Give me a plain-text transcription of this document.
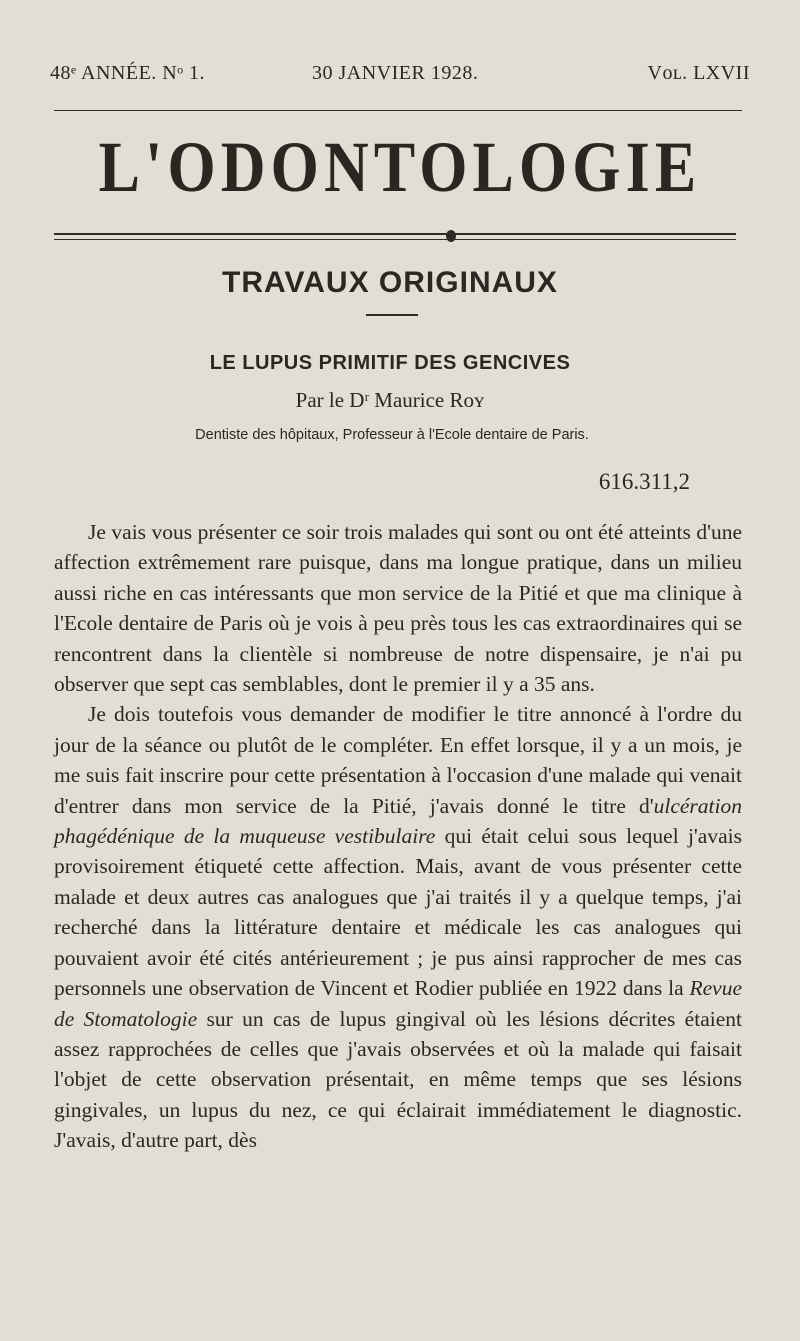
48ᵉ ANNÉE. Nᵒ 1.	30 JANVIER 1928.	Vᴏʟ. LXVII
L'ODONTOLOGIE
TRAVAUX ORIGINAUX
LE LUPUS PRIMITIF DES GENCIVES
Par le Dʳ Maurice Rᴏʏ
Dentiste des hôpitaux, Professeur à l'Ecole dentaire de Paris.
616.311,2

Je vais vous présenter ce soir trois malades qui sont ou ont été atteints d'une affection extrêmement rare puisque, dans ma longue pratique, dans un milieu aussi riche en cas intéressants que mon service de la Pitié et que ma clinique à l'Ecole dentaire de Paris où je vois à peu près tous les cas extraordinaires qui se rencontrent dans la clientèle si nombreuse de notre dispensaire, je n'ai pu observer que sept cas semblables, dont le premier il y a 35 ans.

Je dois toutefois vous demander de modifier le titre annoncé à l'ordre du jour de la séance ou plutôt de le compléter. En effet lorsque, il y a un mois, je me suis fait inscrire pour cette présentation à l'occasion d'une malade qui venait d'entrer dans mon service de la Pitié, j'avais donné le titre d'ulcération phagédénique de la muqueuse vestibulaire qui était celui sous lequel j'avais provisoirement étiqueté cette affection. Mais, avant de vous présenter cette malade et deux autres cas analogues que j'ai traités il y a quelque temps, j'ai recherché dans la littérature dentaire et médicale les cas analogues qui pouvaient avoir été cités antérieurement ; je pus ainsi rapprocher de mes cas personnels une observation de Vincent et Rodier publiée en 1922 dans la Revue de Stomatologie sur un cas de lupus gingival où les lésions décrites étaient assez rapprochées de celles que j'avais observées et où la malade qui faisait l'objet de cette observation présentait, en même temps que ses lésions gingivales, un lupus du nez, ce qui éclairait immédiatement le diagnostic. J'avais, d'autre part, dès
